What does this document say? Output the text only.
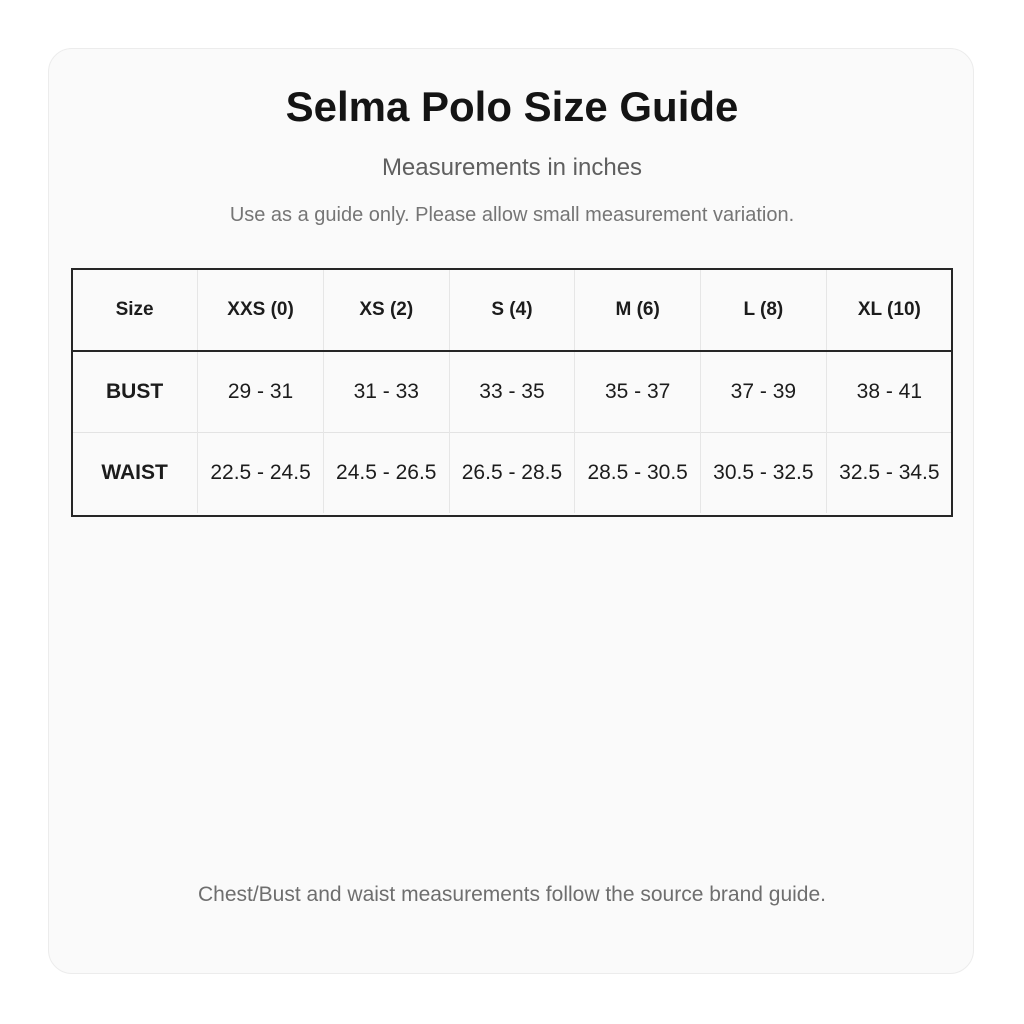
Selma Polo Size Guide
Measurements in inches
Use as a guide only. Please allow small measurement variation.
Size	XXS (0)	XS (2)	S (4)	M (6)	L (8)	XL (10)
BUST	29 - 31	31 - 33	33 - 35	35 - 37	37 - 39	38 - 41
WAIST	22.5 - 24.5	24.5 - 26.5	26.5 - 28.5	28.5 - 30.5	30.5 - 32.5	32.5 - 34.5
Chest/Bust and waist measurements follow the source brand guide.
